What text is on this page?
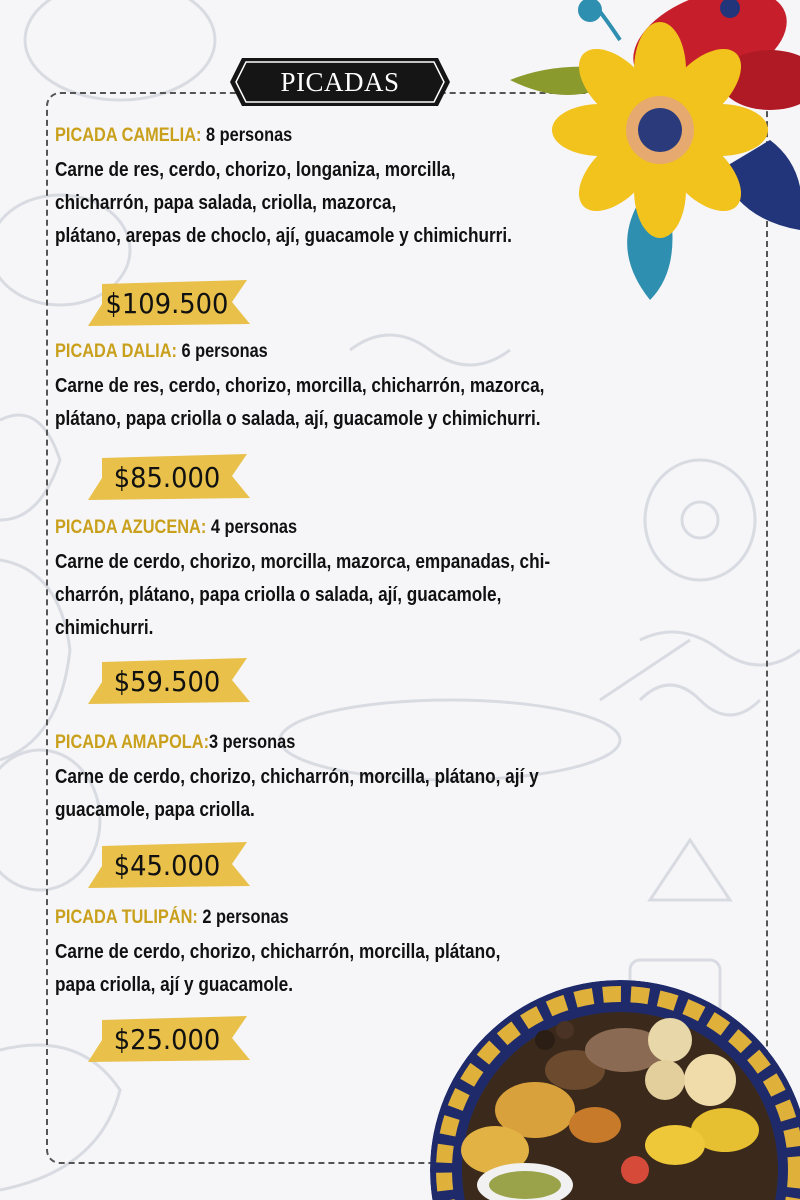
PICADAS
PICADA CAMELIA: 8 personas
Carne de res, cerdo, chorizo, longaniza, morcilla,
chicharrón, papa salada, criolla, mazorca,
plátano, arepas de choclo, ají, guacamole y chimichurri.
$109.500
PICADA DALIA: 6 personas
Carne de res, cerdo, chorizo, morcilla, chicharrón, mazorca,
plátano, papa criolla o salada, ají, guacamole y chimichurri.
$85.000
PICADA AZUCENA: 4 personas
Carne de cerdo, chorizo, morcilla, mazorca, empanadas, chi-
charrón, plátano, papa criolla o salada, ají, guacamole,
chimichurri.
$59.500
PICADA AMAPOLA:3 personas
Carne de cerdo, chorizo, chicharrón, morcilla, plátano, ají y
guacamole, papa criolla.
$45.000
PICADA TULIPÁN: 2 personas
Carne de cerdo, chorizo, chicharrón, morcilla, plátano,
papa criolla, ají y guacamole.
$25.000
